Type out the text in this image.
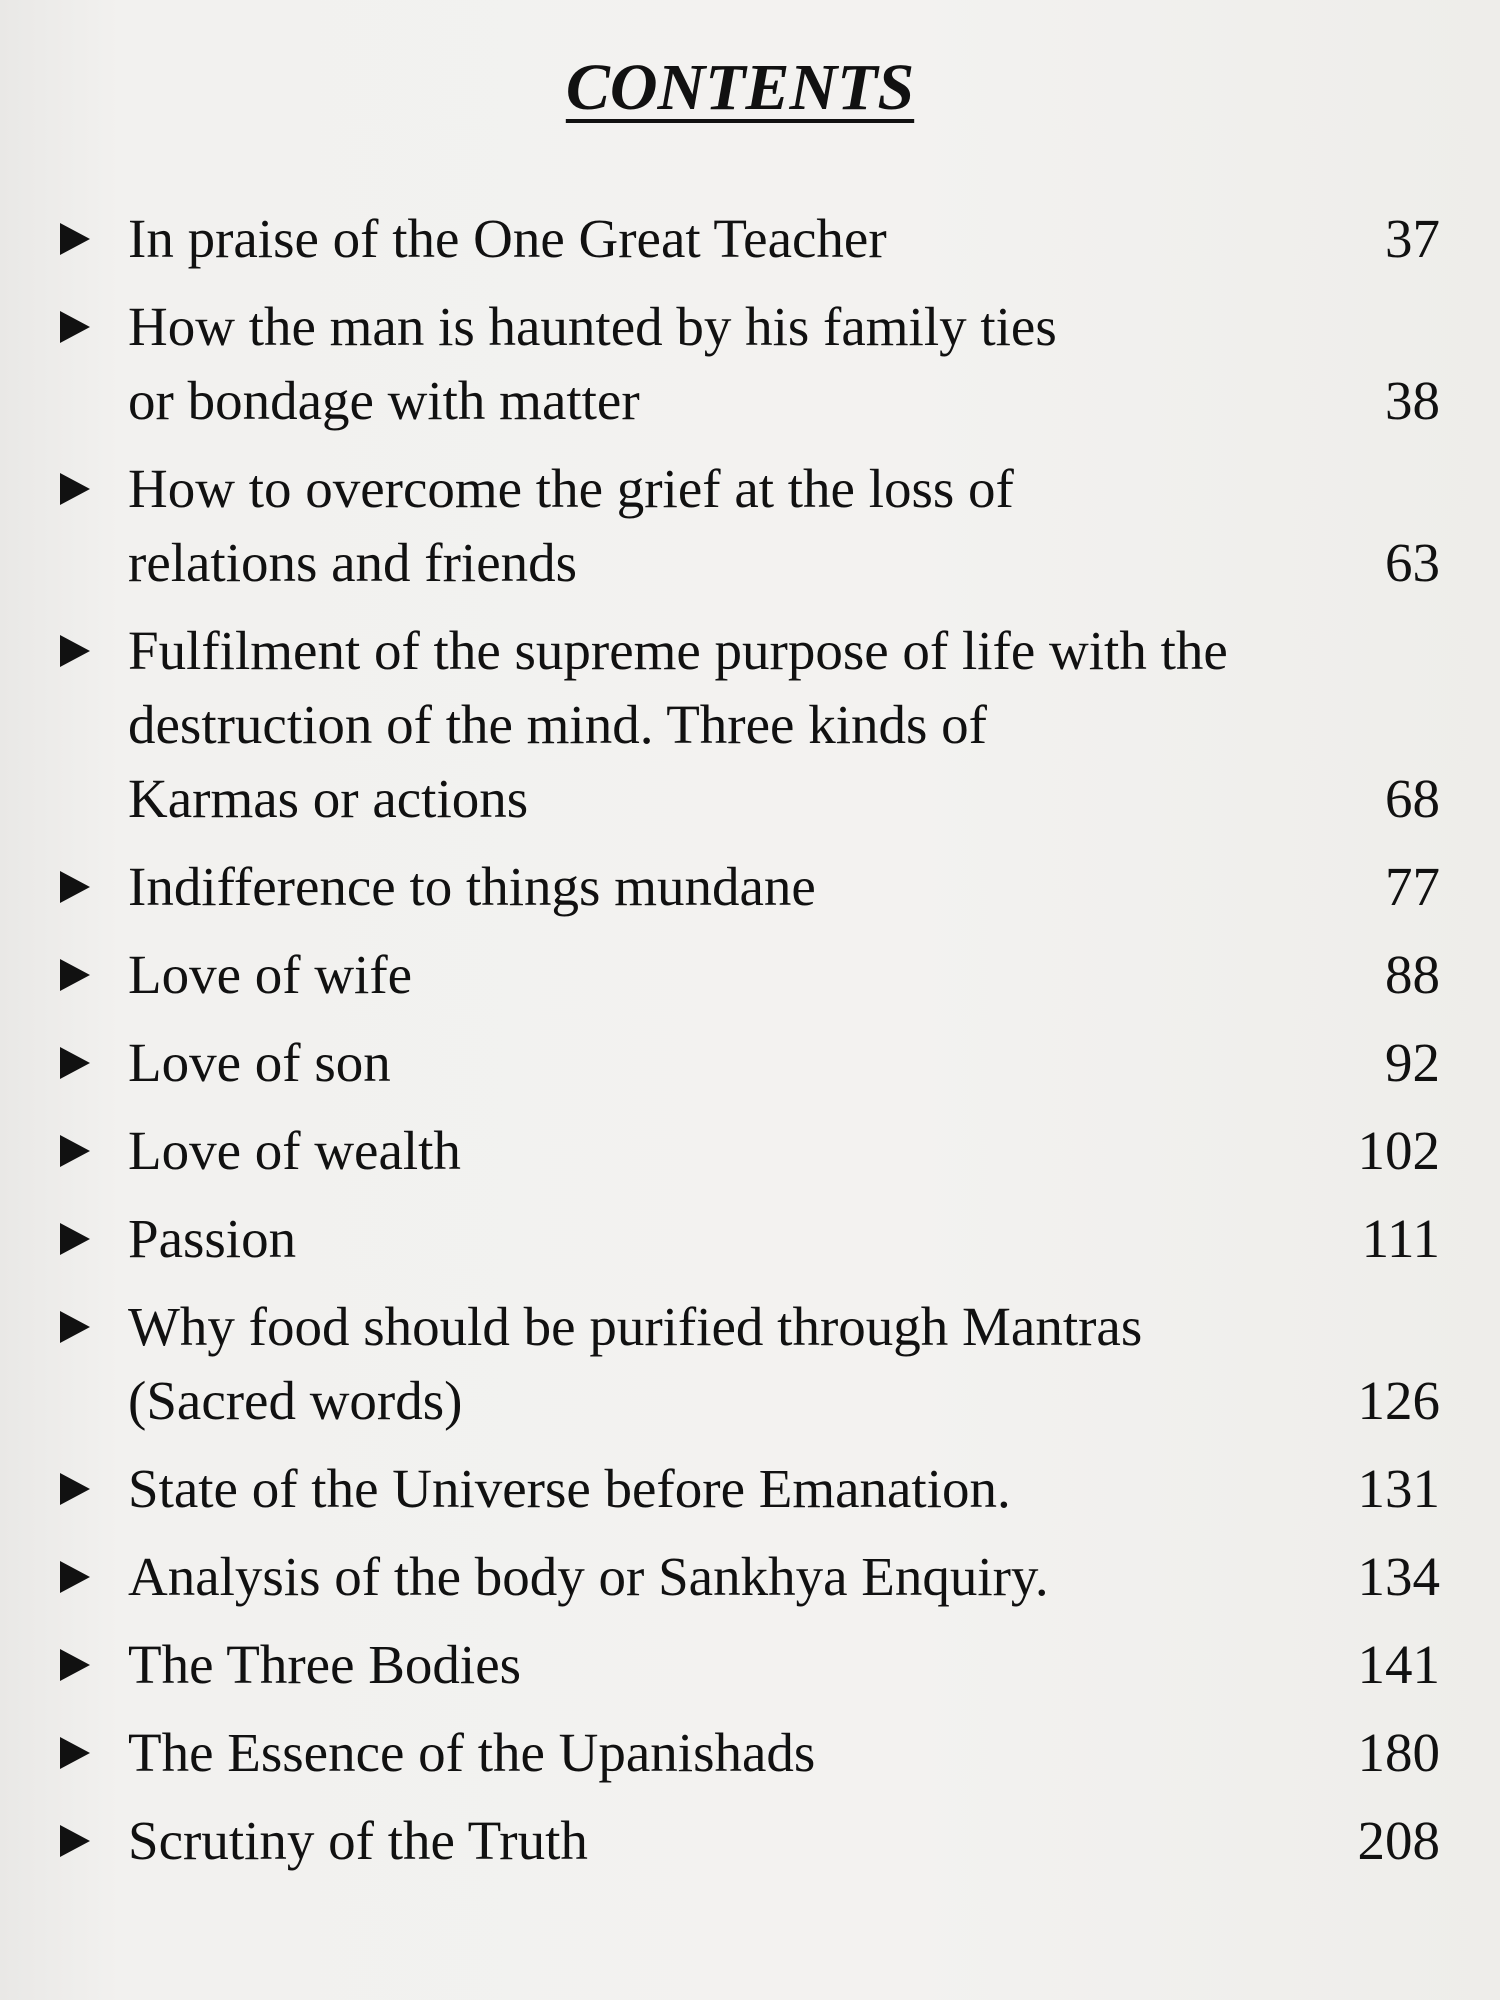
CONTENTS
In praise of the One Great Teacher	37
How the man is haunted by his family ties
or bondage with matter	38
How to overcome the grief at the loss of
relations and friends	63
Fulfilment of the supreme purpose of life with the
destruction of the mind. Three kinds of
Karmas or actions	68
Indifference to things mundane	77
Love of wife	88
Love of son	92
Love of wealth	102
Passion	111
Why food should be purified through Mantras
(Sacred words)	126
State of the Universe before Emanation.	131
Analysis of the body or Sankhya Enquiry.	134
The Three Bodies	141
The Essence of the Upanishads	180
Scrutiny of the Truth	208
